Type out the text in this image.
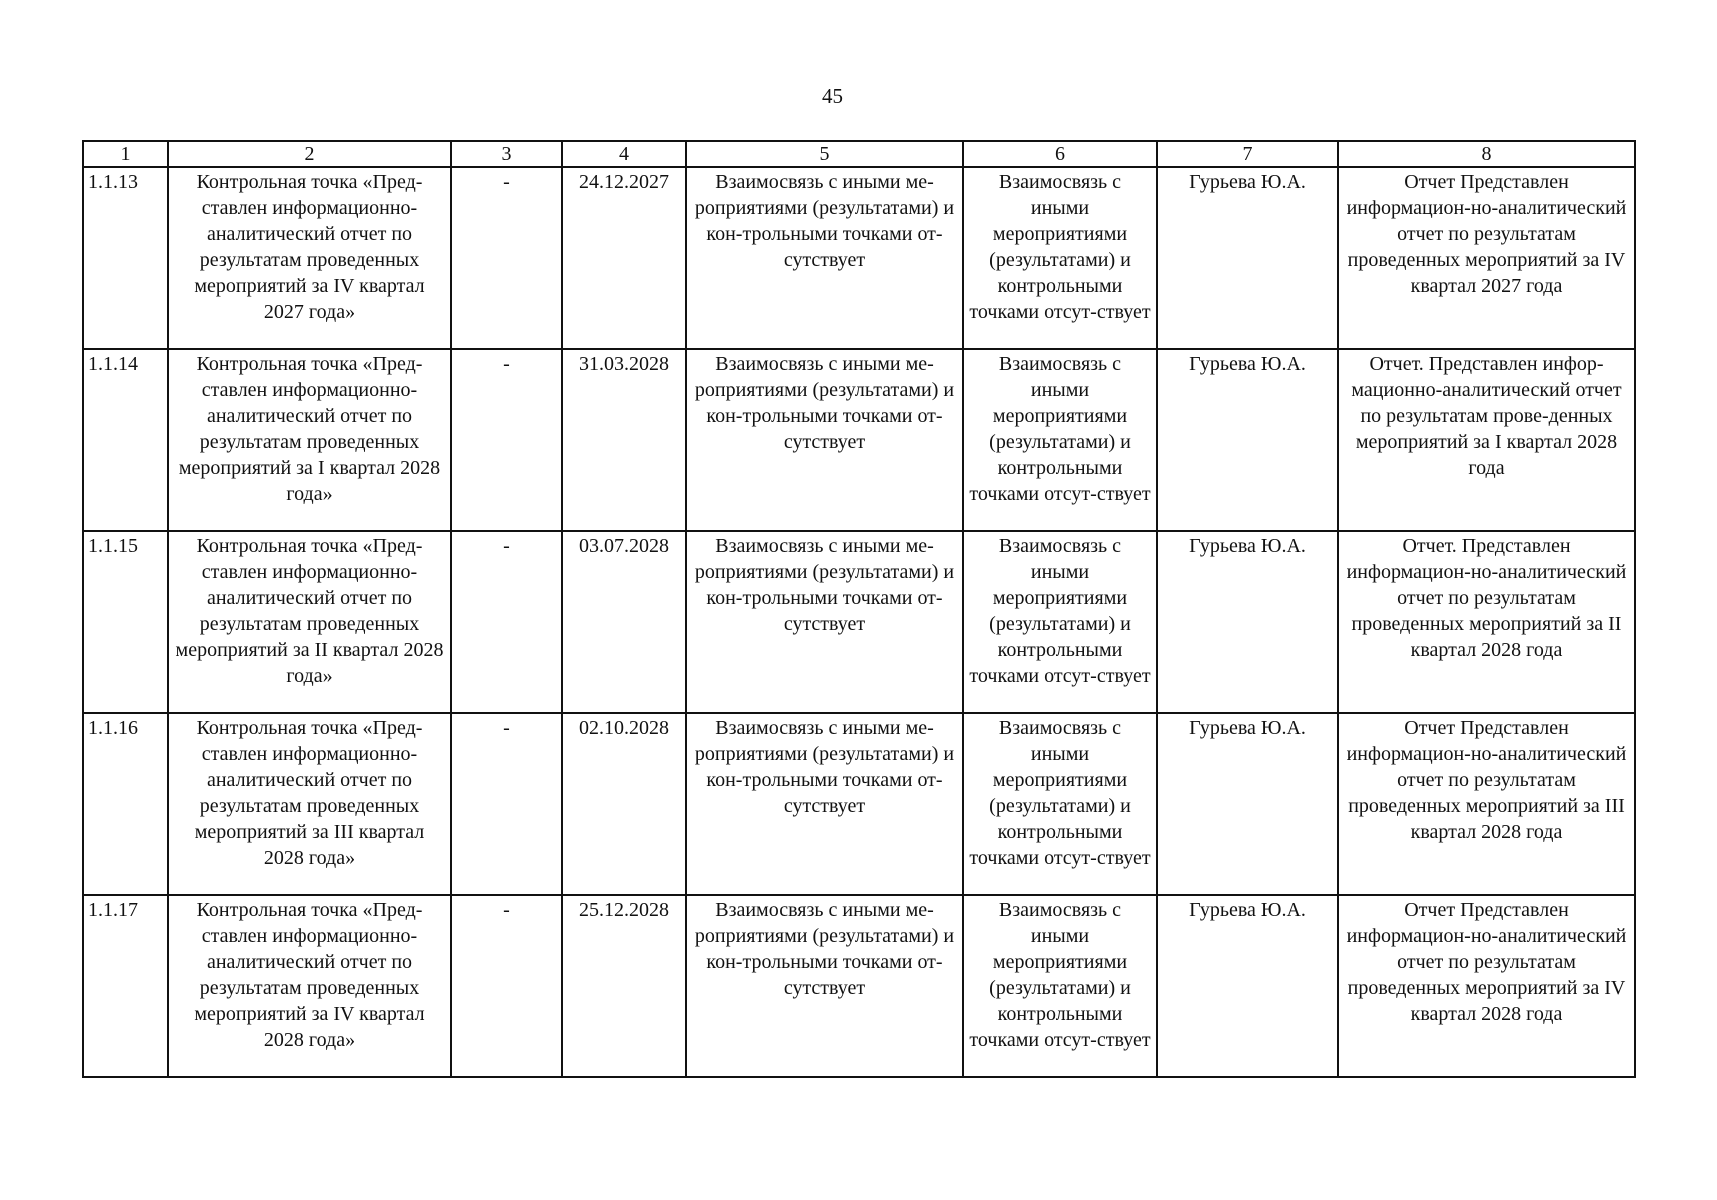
45
1	2	3	4	5	6	7	8
1.1.13	Контрольная точка «Пред-ставлен информационно-аналитический отчет по результатам проведенных мероприятий за IV квартал 2027 года»	-	24.12.2027	Взаимосвязь с иными ме-роприятиями (результатами) и кон-трольными точками от-сутствует	Взаимосвязь с иными мероприятиями (результатами) и контрольными точками отсут-ствует	Гурьева Ю.А.	Отчет Представлен информацион-но-аналитический отчет по результатам проведенных мероприятий за IV квартал 2027 года
1.1.14	Контрольная точка «Пред-ставлен информационно-аналитический отчет по результатам проведенных мероприятий за I квартал 2028 года»	-	31.03.2028	Взаимосвязь с иными ме-роприятиями (результатами) и кон-трольными точками от-сутствует	Взаимосвязь с иными мероприятиями (результатами) и контрольными точками отсут-ствует	Гурьева Ю.А.	Отчет. Представлен инфор-мационно-аналитический отчет по результатам прове-денных мероприятий за I квартал 2028 года
1.1.15	Контрольная точка «Пред-ставлен информационно-аналитический отчет по результатам проведенных мероприятий за II квартал 2028 года»	-	03.07.2028	Взаимосвязь с иными ме-роприятиями (результатами) и кон-трольными точками от-сутствует	Взаимосвязь с иными мероприятиями (результатами) и контрольными точками отсут-ствует	Гурьева Ю.А.	Отчет. Представлен информацион-но-аналитический отчет по результатам проведенных мероприятий за II квартал 2028 года
1.1.16	Контрольная точка «Пред-ставлен информационно-аналитический отчет по результатам проведенных мероприятий за III квартал 2028 года»	-	02.10.2028	Взаимосвязь с иными ме-роприятиями (результатами) и кон-трольными точками от-сутствует	Взаимосвязь с иными мероприятиями (результатами) и контрольными точками отсут-ствует	Гурьева Ю.А.	Отчет Представлен информацион-но-аналитический отчет по результатам проведенных мероприятий за III квартал 2028 года
1.1.17	Контрольная точка «Пред-ставлен информационно-аналитический отчет по результатам проведенных мероприятий за IV квартал 2028 года»	-	25.12.2028	Взаимосвязь с иными ме-роприятиями (результатами) и кон-трольными точками от-сутствует	Взаимосвязь с иными мероприятиями (результатами) и контрольными точками отсут-ствует	Гурьева Ю.А.	Отчет Представлен информацион-но-аналитический отчет по результатам проведенных мероприятий за IV квартал 2028 года
